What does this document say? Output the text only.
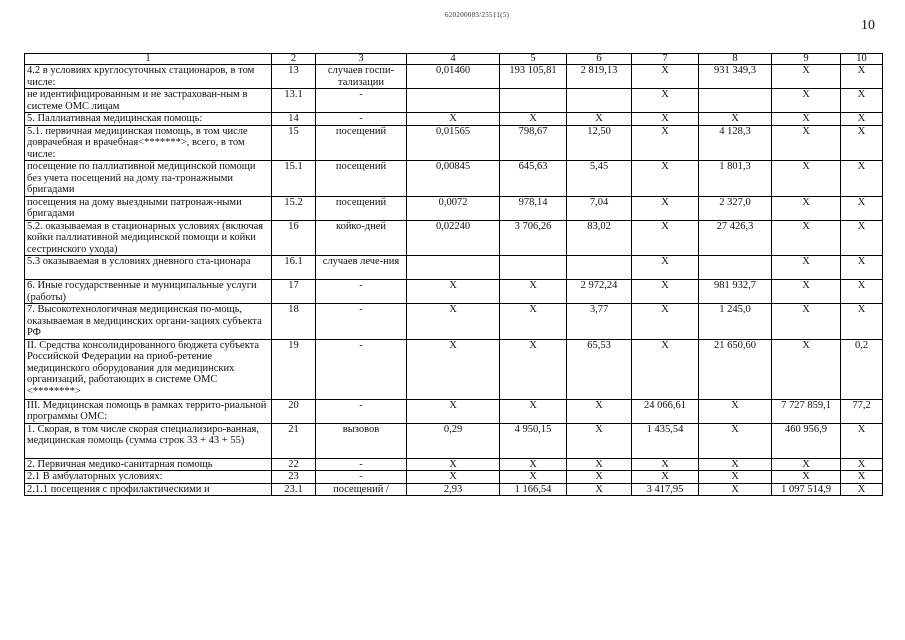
620200083/25511(5)
10
1	2	3	4	5	6	7	8	9	10
4.2 в условиях круглосуточных стационаров, в том числе:	13	случаев госпи-тализации	0,01460	193 105,81	2 819,13	X	931 349,3	X	X
не идентифицированным и не застрахован-ным в системе ОМС лицам	13.1	-				X		X	X
5. Паллиативная медицинская помощь:	14	-	X	X	X	X	X	X	X
5.1. первичная медицинская помощь, в том числе доврачебная и врачебная<*******>, всего, в том числе:	15	посещений	0,01565	798,67	12,50	X	4 128,3	X	X
посещение по паллиативной медицинской помощи без учета посещений на дому па-тронажными бригадами	15.1	посещений	0,00845	645,63	5,45	X	1 801,3	X	X
посещения на дому выездными патронаж-ными бригадами	15.2	посещений	0,0072	978,14	7,04	X	2 327,0	X	X
5.2. оказываемая в стационарных условиях (включая койки паллиативной медицинской помощи и койки сестринского ухода)	16	койко-дней	0,02240	3 706,26	83,02	X	27 426,3	X	X
5.3 оказываемая в условиях дневного ста-ционара	16.1	случаев лече-ния				X		X	X
6. Иные государственные и муниципальные услуги (работы)	17	-	X	X	2 972,24	X	981 932,7	X	X
7. Высокотехнологичная медицинская по-мощь, оказываемая в медицинских органи-зациях субъекта РФ	18	-	X	X	3,77	X	1 245,0	X	X
II. Средства консолидированного бюджета субъекта Российской Федерации на приоб-ретение медицинского оборудования для медицинских организаций, работающих в системе ОМС <********>	19	-	X	X	65,53	X	21 650,60	X	0,2
III. Медицинская помощь в рамках террито-риальной программы ОМС:	20	-	X	X	X	24 066,61	X	7 727 859,1	77,2
1. Скорая, в том числе скорая специализиро-ванная, медицинская помощь (сумма строк 33 + 43 + 55)	21	вызовов	0,29	4 950,15	X	1 435,54	X	460 956,9	X
2. Первичная медико-санитарная помощь	22	-	X	X	X	X	X	X	X
2.1 В амбулаторных условиях:	23	-	X	X	X	X	X	X	X
2.1.1 посещения с профилактическими и	23.1	посещений /	2,93	1 166,54	X	3 417,95	X	1 097 514,9	X
